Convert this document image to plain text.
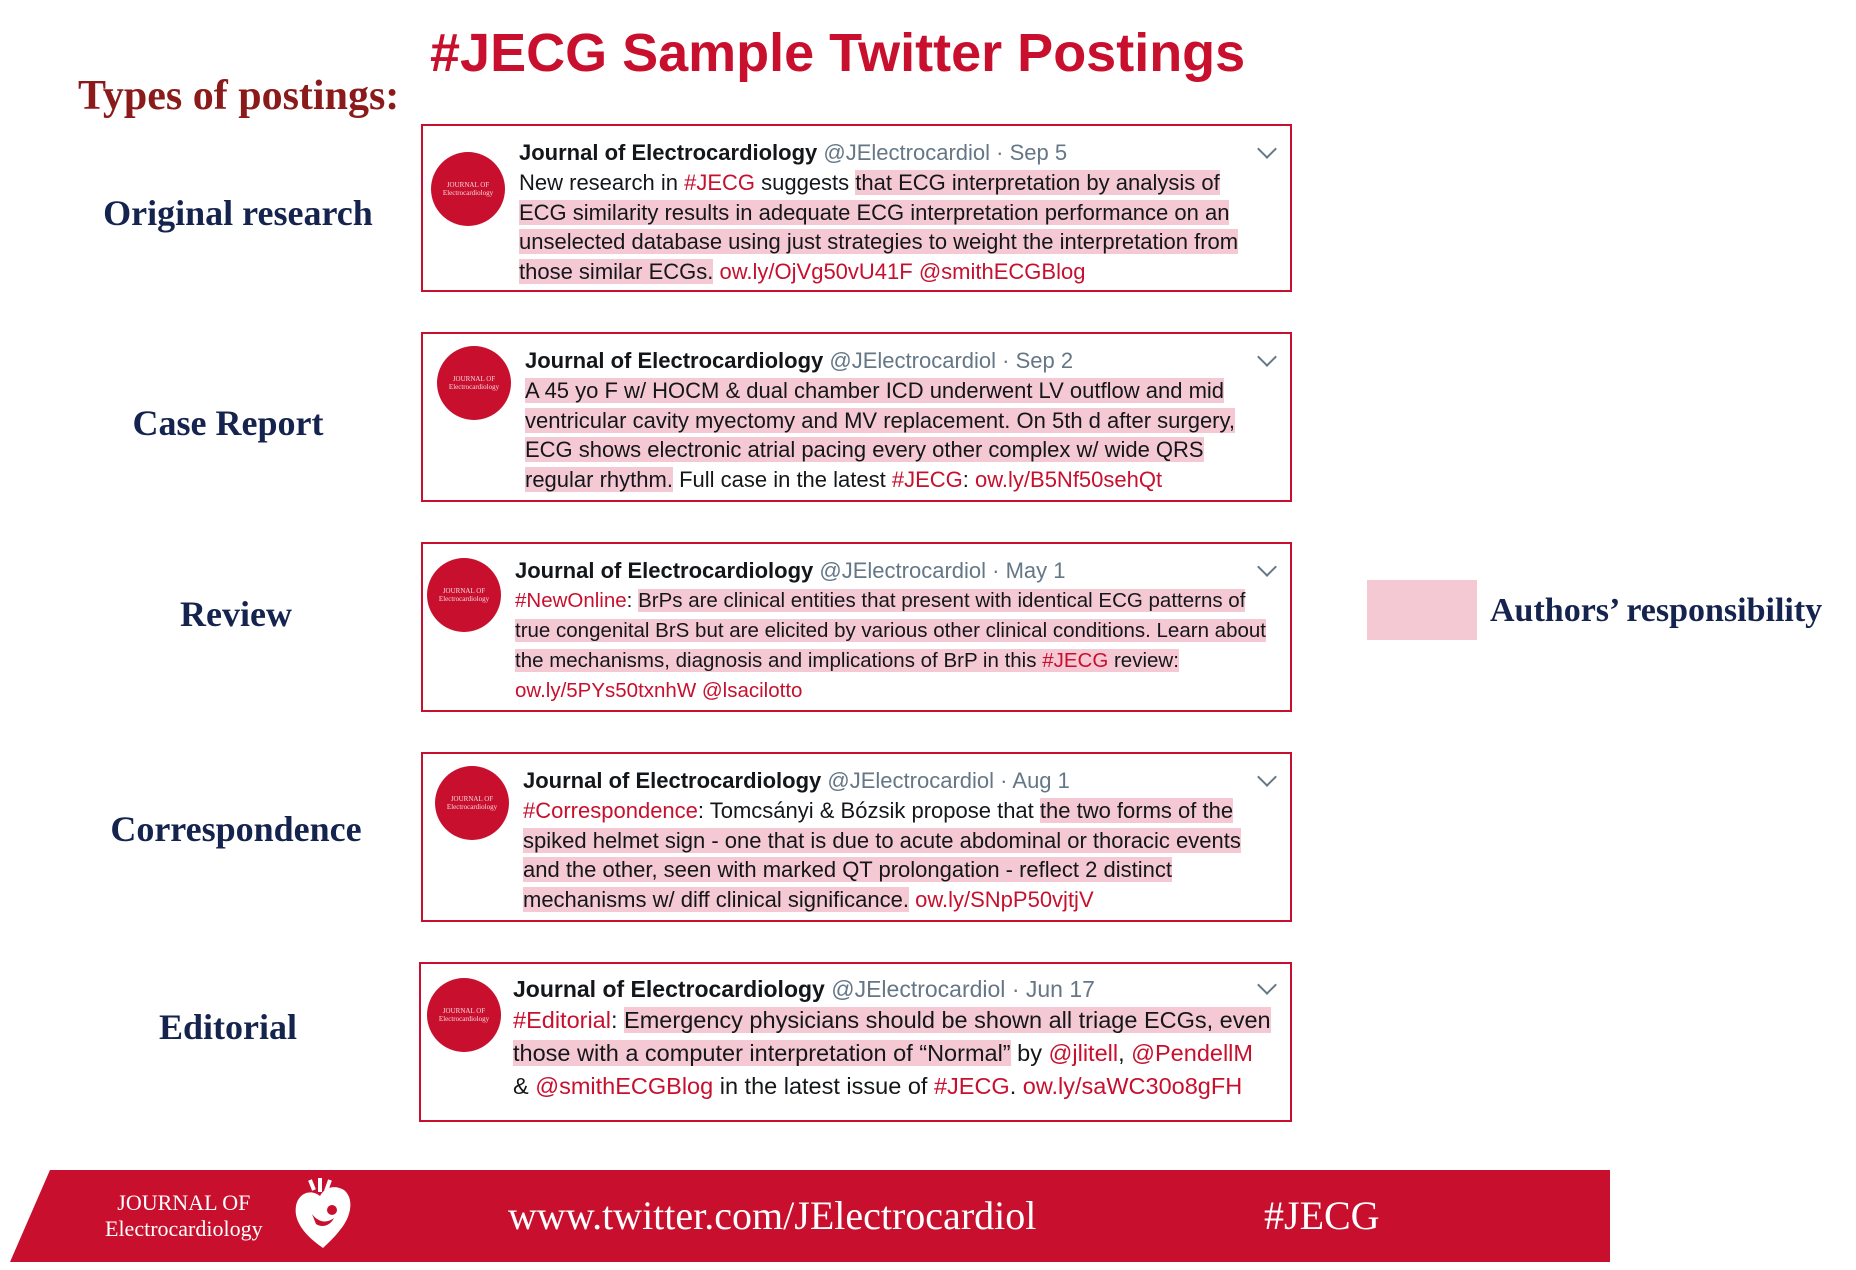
#JECG Sample Twitter Postings
Types of postings:
Original research
Case Report
Review
Correspondence
Editorial
JOURNAL OF
Electrocardiology
Journal of Electrocardiology @JElectrocardiol · Sep 5
New research in #JECG suggests that ECG interpretation by analysis of ECG similarity results in adequate ECG interpretation performance on an unselected database using just strategies to weight the interpretation from those similar ECGs. ow.ly/OjVg50vU41F @smithECGBlog
JOURNAL OF
Electrocardiology
Journal of Electrocardiology @JElectrocardiol · Sep 2
A 45 yo F w/ HOCM & dual chamber ICD underwent LV outflow and mid ventricular cavity myectomy and MV replacement. On 5th d after surgery, ECG shows electronic atrial pacing every other complex w/ wide QRS regular rhythm. Full case in the latest #JECG: ow.ly/B5Nf50sehQt
JOURNAL OF
Electrocardiology
Journal of Electrocardiology @JElectrocardiol · May 1
#NewOnline: BrPs are clinical entities that present with identical ECG patterns of true congenital BrS but are elicited by various other clinical conditions. Learn about the mechanisms, diagnosis and implications of BrP in this #JECG review: ow.ly/5PYs50txnhW @lsacilotto
JOURNAL OF
Electrocardiology
Journal of Electrocardiology @JElectrocardiol · Aug 1
#Correspondence: Tomcsányi & Bózsik propose that the two forms of the spiked helmet sign - one that is due to acute abdominal or thoracic events and the other, seen with marked QT prolongation - reflect 2 distinct mechanisms w/ diff clinical significance. ow.ly/SNpP50vjtjV
JOURNAL OF
Electrocardiology
Journal of Electrocardiology @JElectrocardiol · Jun 17
#Editorial: Emergency physicians should be shown all triage ECGs, even those with a computer interpretation of “Normal” by @jlitell, @PendellM & @smithECGBlog in the latest issue of #JECG. ow.ly/saWC30o8gFH
Authors’ responsibility
JOURNAL OF
Electrocardiology	www.twitter.com/JElectrocardiol	#JECG
